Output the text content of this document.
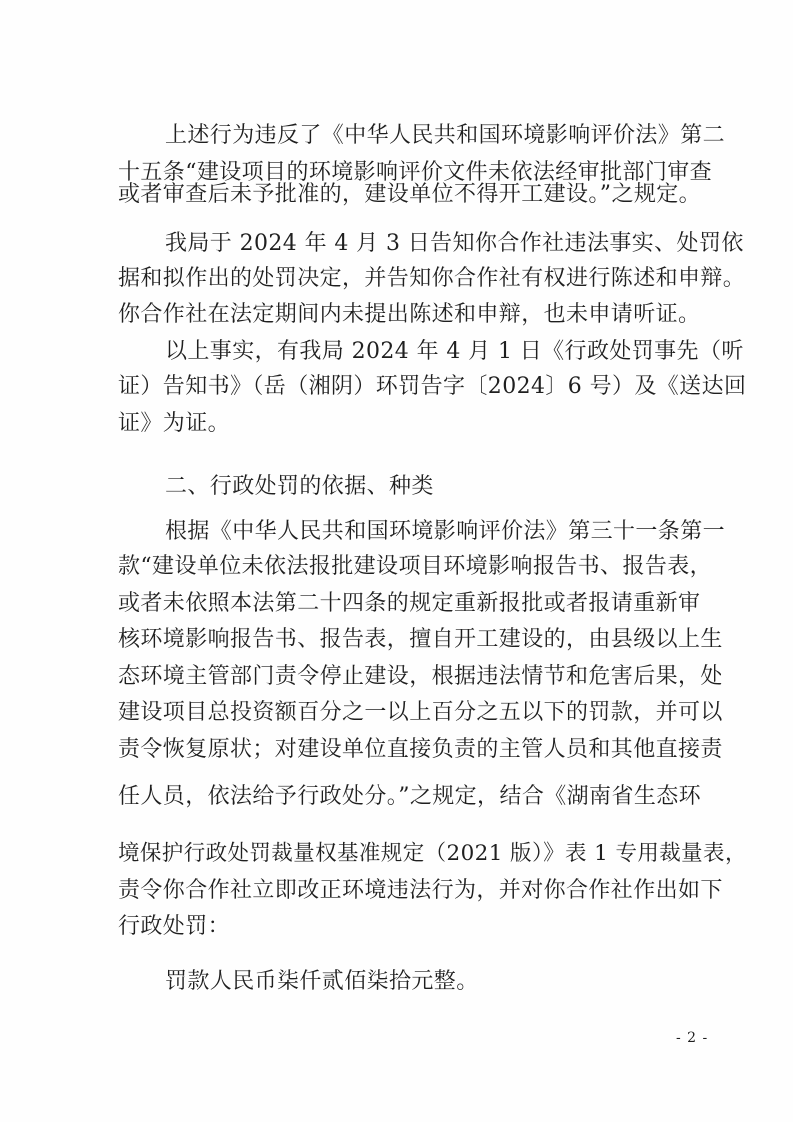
上述行为违反了《中华人民共和国环境影响评价法》第二
十五条“建设项目的环境影响评价文件未依法经审批部门审查
或者审查后未予批准的，建设单位不得开工建设。”之规定。
我局于 2024 年 4 月 3 日告知你合作社违法事实、处罚依
据和拟作出的处罚决定，并告知你合作社有权进行陈述和申辩。
你合作社在法定期间内未提出陈述和申辩，也未申请听证。
以上事实，有我局 2024 年 4 月 1 日《行政处罚事先（听
证）告知书》（岳（湘阴）环罚告字〔2024〕6 号）及《送达回
证》为证。
二、行政处罚的依据、种类
根据《中华人民共和国环境影响评价法》第三十一条第一
款“建设单位未依法报批建设项目环境影响报告书、报告表，
或者未依照本法第二十四条的规定重新报批或者报请重新审
核环境影响报告书、报告表，擅自开工建设的，由县级以上生
态环境主管部门责令停止建设，根据违法情节和危害后果，处
建设项目总投资额百分之一以上百分之五以下的罚款，并可以
责令恢复原状；对建设单位直接负责的主管人员和其他直接责
任人员，依法给予行政处分。”之规定，结合《湖南省生态环
境保护行政处罚裁量权基准规定（2021 版）》表 1 专用裁量表，
责令你合作社立即改正环境违法行为，并对你合作社作出如下
行政处罚：
罚款人民币柒仟贰佰柒拾元整。
- 2 -
